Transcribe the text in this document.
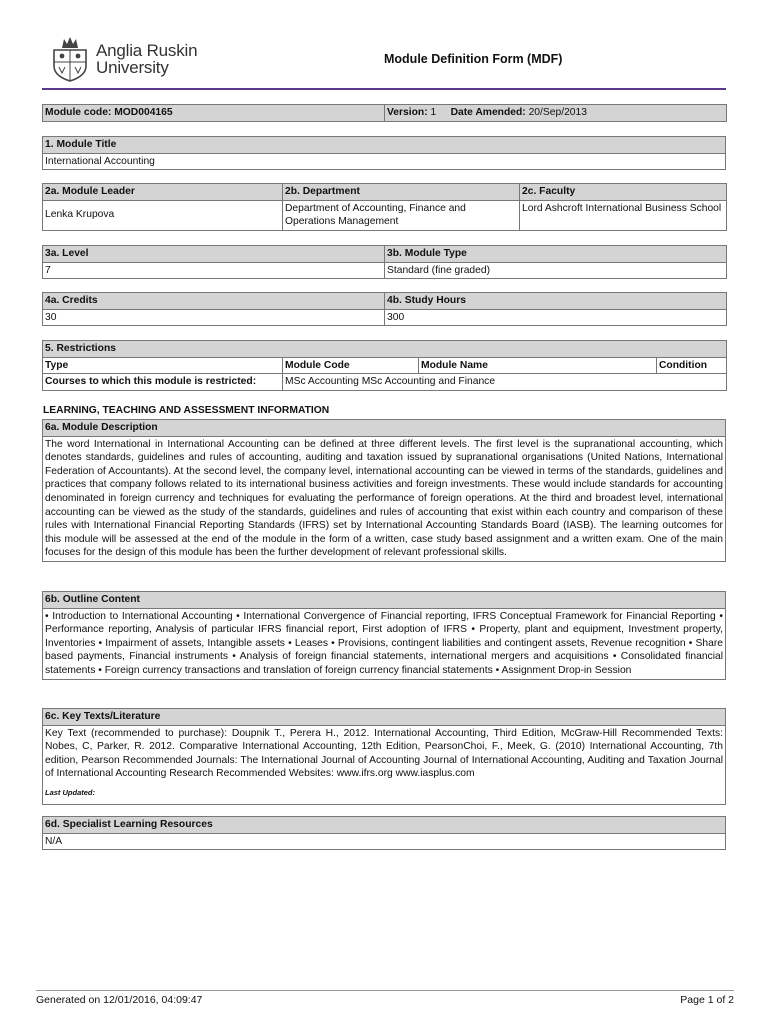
Anglia Ruskin
University	Module Definition Form (MDF)
Module code: MOD004165	Version: 1 Date Amended: 20/Sep/2013
1. Module Title
International Accounting
2a. Module Leader	2b. Department	2c. Faculty
Lenka Krupova	Department of Accounting, Finance and Operations Management	Lord Ashcroft International Business School
3a. Level	3b. Module Type
7	Standard (fine graded)
4a. Credits	4b. Study Hours
30	300
5. Restrictions			
Type	Module Code	Module Name	Condition
Courses to which this module is restricted:	MSc Accounting MSc Accounting and Finance		
LEARNING, TEACHING AND ASSESSMENT INFORMATION
6a. Module Description
The word International in International Accounting can be defined at three different levels. The first level is the supranational accounting, which denotes standards, guidelines and rules of accounting, auditing and taxation issued by supranational organisations (United Nations, International Federation of Accountants). At the second level, the company level, international accounting can be viewed in terms of the standards, guidelines and practices that company follows related to its international business activities and foreign investments. These would include standards for accounting denominated in foreign currency and techniques for evaluating the performance of foreign operations. At the third and broadest level, international accounting can be viewed as the study of the standards, guidelines and rules of accounting that exist within each country and comparison of these rules with International Financial Reporting Standards (IFRS) set by International Accounting Standards Board (IASB). The learning outcomes for this module will be assessed at the end of the module in the form of a written, case study based assignment and a written exam. One of the main focuses for the design of this module has been the further development of relevant professional skills.
6b. Outline Content
• Introduction to International Accounting • International Convergence of Financial reporting, IFRS Conceptual Framework for Financial Reporting • Performance reporting, Analysis of particular IFRS financial report, First adoption of IFRS • Property, plant and equipment, Investment property, Inventories • Impairment of assets, Intangible assets • Leases • Provisions, contingent liabilities and contingent assets, Revenue recognition • Share based payments, Financial instruments • Analysis of foreign financial statements, international mergers and acquisitions • Consolidated financial statements • Foreign currency transactions and translation of foreign currency financial statements • Assignment Drop-in Session
6c. Key Texts/Literature

Key Text (recommended to purchase): Doupnik T., Perera H., 2012. International Accounting, Third Edition, McGraw-Hill Recommended Texts: Nobes, C, Parker, R. 2012. Comparative International Accounting, 12th Edition, PearsonChoi, F., Meek, G. (2010) International Accounting, 7th edition, Pearson Recommended Journals: The International Journal of Accounting Journal of International Accounting, Auditing and Taxation Journal of International Accounting Research Recommended Websites: www.ifrs.org www.iasplus.com
Last Updated:
6d. Specialist Learning Resources
N/A
Generated on 12/01/2016, 04:09:47	Page 1 of 2
